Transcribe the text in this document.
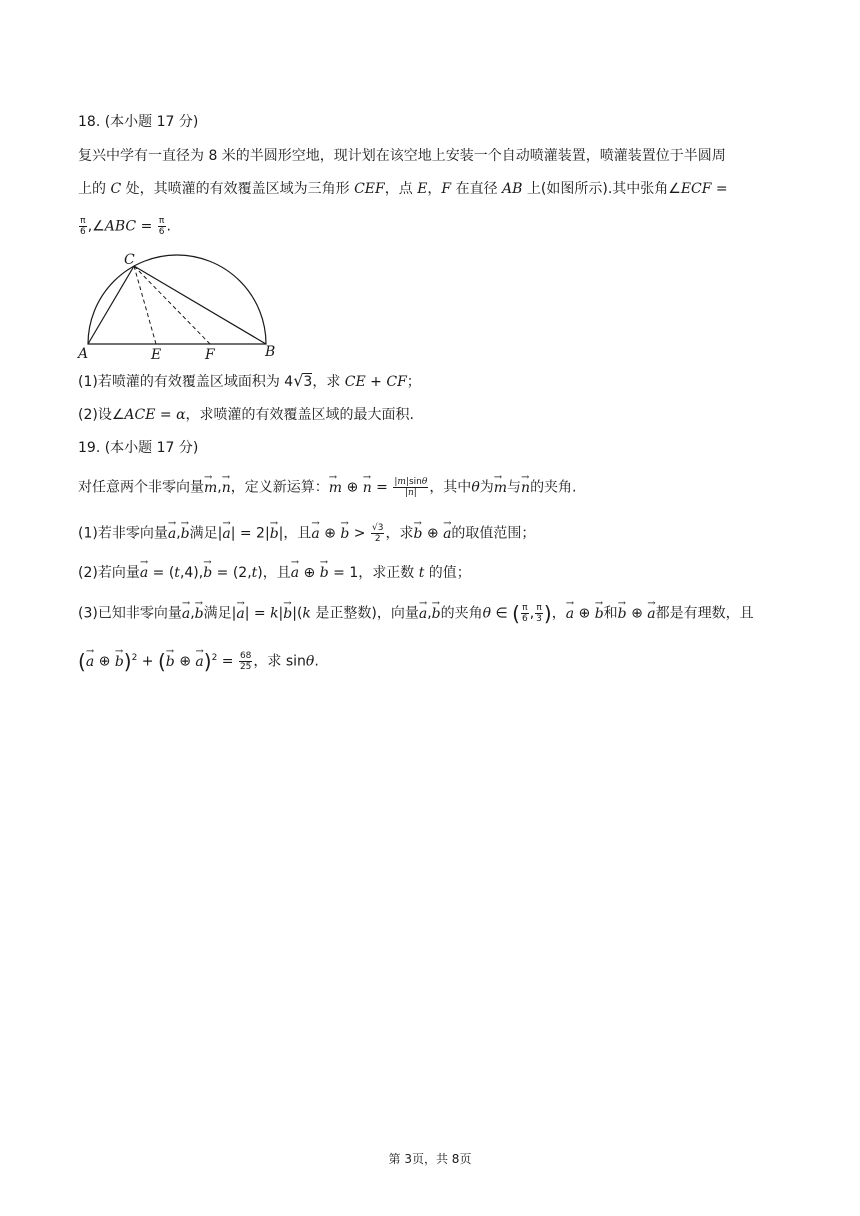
18. (本小题 17 分)
复兴中学有一直径为 8 米的半圆形空地，现计划在该空地上安装一个自动喷灌装置，喷灌装置位于半圆周
上的 C 处，其喷灌的有效覆盖区域为三角形 CEF，点 E，F 在直径 AB 上(如图所示).其中张角∠ECF =
$\frac{\pi}{6}$ ,∠ABC = $\frac{\pi}{6}$ .
C
A	E	F	B
(1)若喷灌的有效覆盖区域面积为 4√3，求 CE + CF；
(2)设∠ACE = α，求喷灌的有效覆盖区域的最大面积.
19. (本小题 17 分)
对任意两个非零向量→ m,→ n，定义新运算：→ m ⊕ → $n = \frac{|m|\sin\theta}{|n|}$ ，其中θ为→ m与→ n的夹角.
(1)若非零向量→ a,→ b满足|→ a| = 2|→ b|，且→ a ⊕ → $b > \frac{√3}{2}$ ，求→ b ⊕ → a的取值范围；
(2)若向量→ a = (t,4),→ b = (2,t)，且→ a ⊕ → b = 1，求正数 t 的值；
(3)已知非零向量→ a,→ b满足|→ a| = k|→ b|(k 是正整数)，向量→ a,→ b的夹角θ ∈ ( $\frac{\pi}{6}$ , $\frac{\pi}{3}$ )，→ a ⊕ → b和→ b ⊕ → a都是有理数，且
(→ a ⊕ → b)$^2$ + (→ b ⊕ → $a)^2 = \frac{68}{25}$ ，求 sinθ.
第 3页，共 8页
